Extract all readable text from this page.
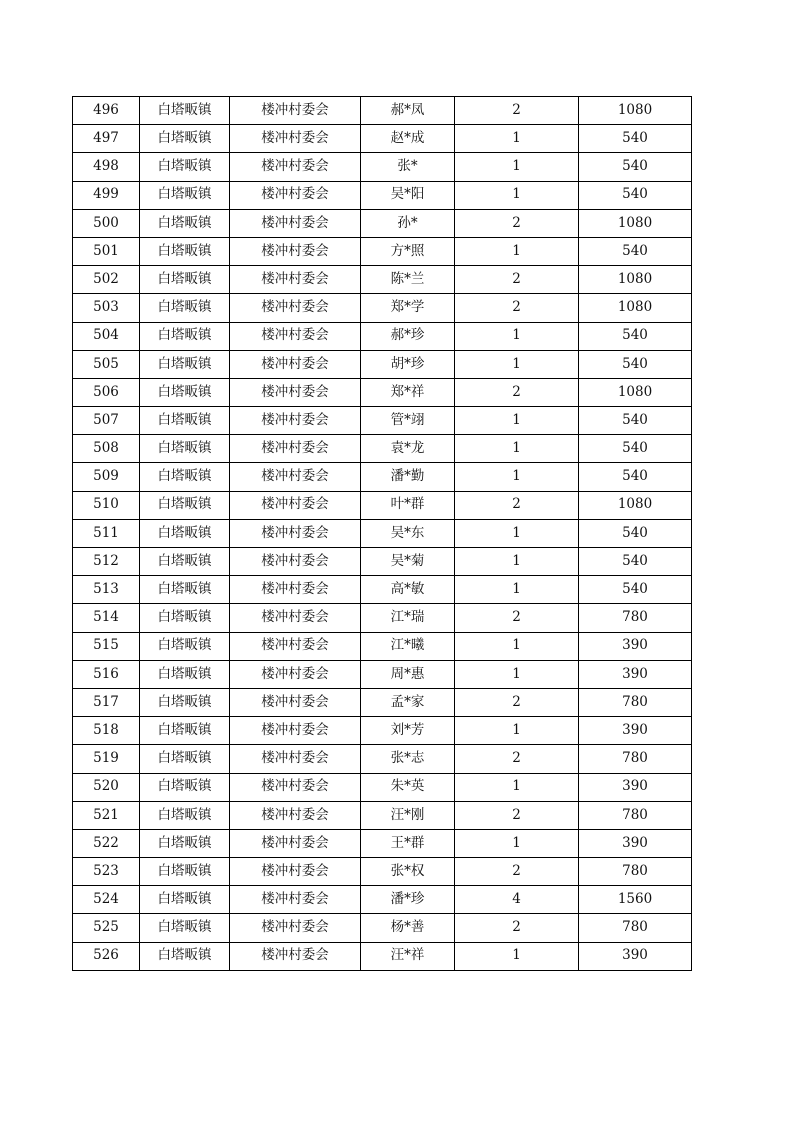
496	白塔畈镇	楼冲村委会	郝*凤	2	1080
497	白塔畈镇	楼冲村委会	赵*成	1	540
498	白塔畈镇	楼冲村委会	张*	1	540
499	白塔畈镇	楼冲村委会	吴*阳	1	540
500	白塔畈镇	楼冲村委会	孙*	2	1080
501	白塔畈镇	楼冲村委会	方*照	1	540
502	白塔畈镇	楼冲村委会	陈*兰	2	1080
503	白塔畈镇	楼冲村委会	郑*学	2	1080
504	白塔畈镇	楼冲村委会	郝*珍	1	540
505	白塔畈镇	楼冲村委会	胡*珍	1	540
506	白塔畈镇	楼冲村委会	郑*祥	2	1080
507	白塔畈镇	楼冲村委会	管*翊	1	540
508	白塔畈镇	楼冲村委会	袁*龙	1	540
509	白塔畈镇	楼冲村委会	潘*勤	1	540
510	白塔畈镇	楼冲村委会	叶*群	2	1080
511	白塔畈镇	楼冲村委会	吴*东	1	540
512	白塔畈镇	楼冲村委会	吴*菊	1	540
513	白塔畈镇	楼冲村委会	高*敏	1	540
514	白塔畈镇	楼冲村委会	江*瑞	2	780
515	白塔畈镇	楼冲村委会	江*曦	1	390
516	白塔畈镇	楼冲村委会	周*惠	1	390
517	白塔畈镇	楼冲村委会	孟*家	2	780
518	白塔畈镇	楼冲村委会	刘*芳	1	390
519	白塔畈镇	楼冲村委会	张*志	2	780
520	白塔畈镇	楼冲村委会	朱*英	1	390
521	白塔畈镇	楼冲村委会	汪*刚	2	780
522	白塔畈镇	楼冲村委会	王*群	1	390
523	白塔畈镇	楼冲村委会	张*权	2	780
524	白塔畈镇	楼冲村委会	潘*珍	4	1560
525	白塔畈镇	楼冲村委会	杨*善	2	780
526	白塔畈镇	楼冲村委会	汪*祥	1	390
